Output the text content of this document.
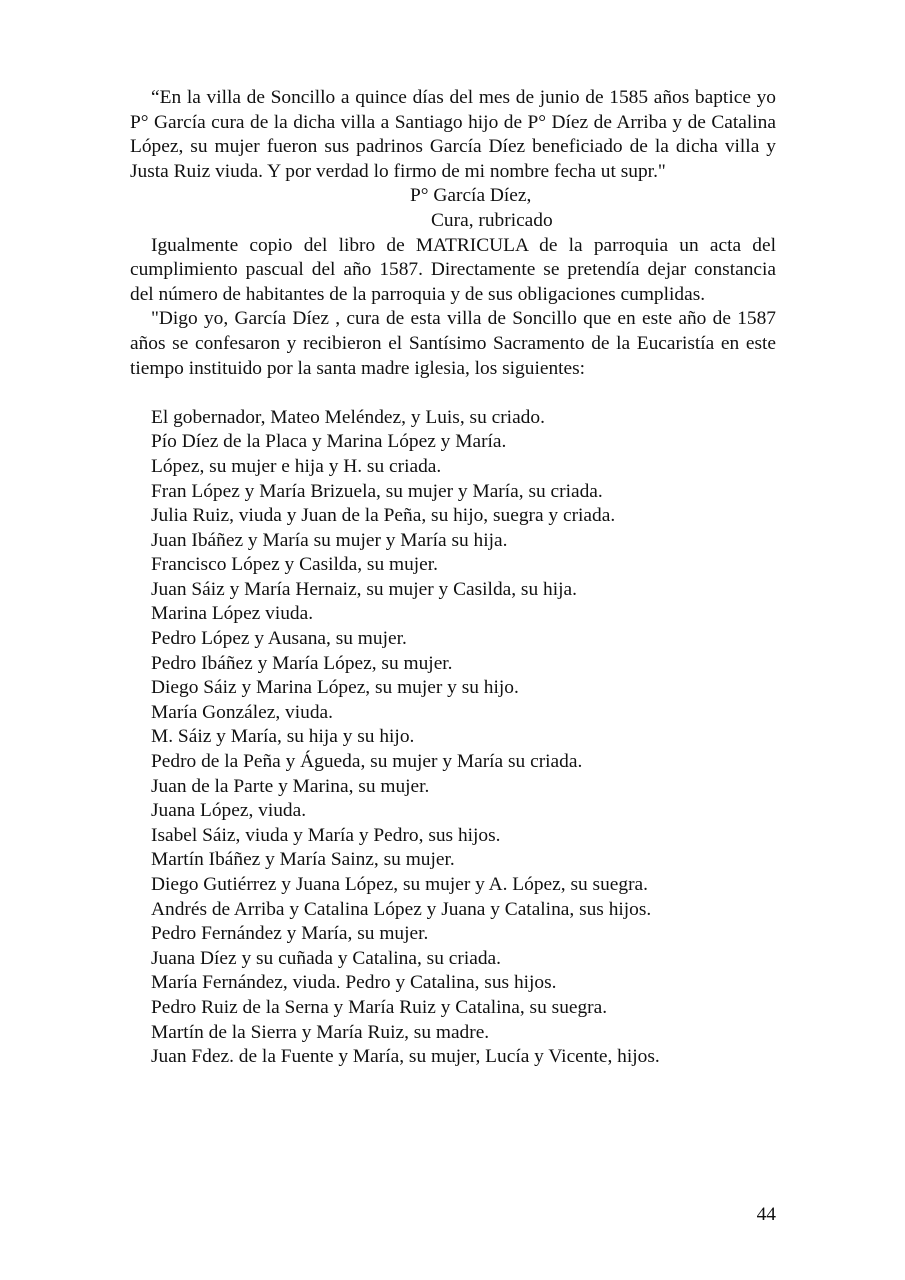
“En la villa de Soncillo a quince días del mes de junio de 1585 años baptice yo P° García cura de la dicha villa a Santiago hijo de P° Díez de Arriba y de Catalina López, su mujer fueron sus padrinos García Díez beneficiado de la dicha villa y Justa Ruiz viuda. Y por verdad lo firmo de mi nombre fecha ut supr."

P° García Díez,

Cura, rubricado

Igualmente copio del libro de MATRICULA de la parroquia un acta del cumplimiento pascual del año 1587. Directamente se pretendía dejar constancia del número de habitantes de la parroquia y de sus obligaciones cumplidas.

"Digo yo, García Díez , cura de esta villa de Soncillo que en este año de 1587 años se confesaron y recibieron el Santísimo Sacramento de la Eucaristía en este tiempo instituido por la santa madre iglesia, los siguientes:

El gobernador, Mateo Meléndez, y Luis, su criado.
Pío Díez de la Placa y Marina López y María.
López, su mujer e hija y H. su criada.
Fran López y María Brizuela, su mujer y María, su criada.
Julia Ruiz, viuda y Juan de la Peña, su hijo, suegra y criada.
Juan Ibáñez y María su mujer y María su hija.
Francisco López y Casilda, su mujer.
Juan Sáiz y María Hernaiz, su mujer y Casilda, su hija.
Marina López viuda.
Pedro López y Ausana, su mujer.
Pedro Ibáñez y María López, su mujer.
Diego Sáiz y Marina López, su mujer y su hijo.
María González, viuda.
M. Sáiz y María, su hija y su hijo.
Pedro de la Peña y Águeda, su mujer y María su criada.
Juan de la Parte y Marina, su mujer.
Juana López, viuda.
Isabel Sáiz, viuda y María y Pedro, sus hijos.
Martín Ibáñez y María Sainz, su mujer.
Diego Gutiérrez y Juana López, su mujer y A. López, su suegra.
Andrés de Arriba y Catalina López y Juana y Catalina, sus hijos.
Pedro Fernández y María, su mujer.
Juana Díez y su cuñada y Catalina, su criada.
María Fernández, viuda. Pedro y Catalina, sus hijos.
Pedro Ruiz de la Serna y María Ruiz y Catalina, su suegra.
Martín de la Sierra y María Ruiz, su madre.
Juan Fdez. de la Fuente y María, su mujer, Lucía y Vicente, hijos.
44
